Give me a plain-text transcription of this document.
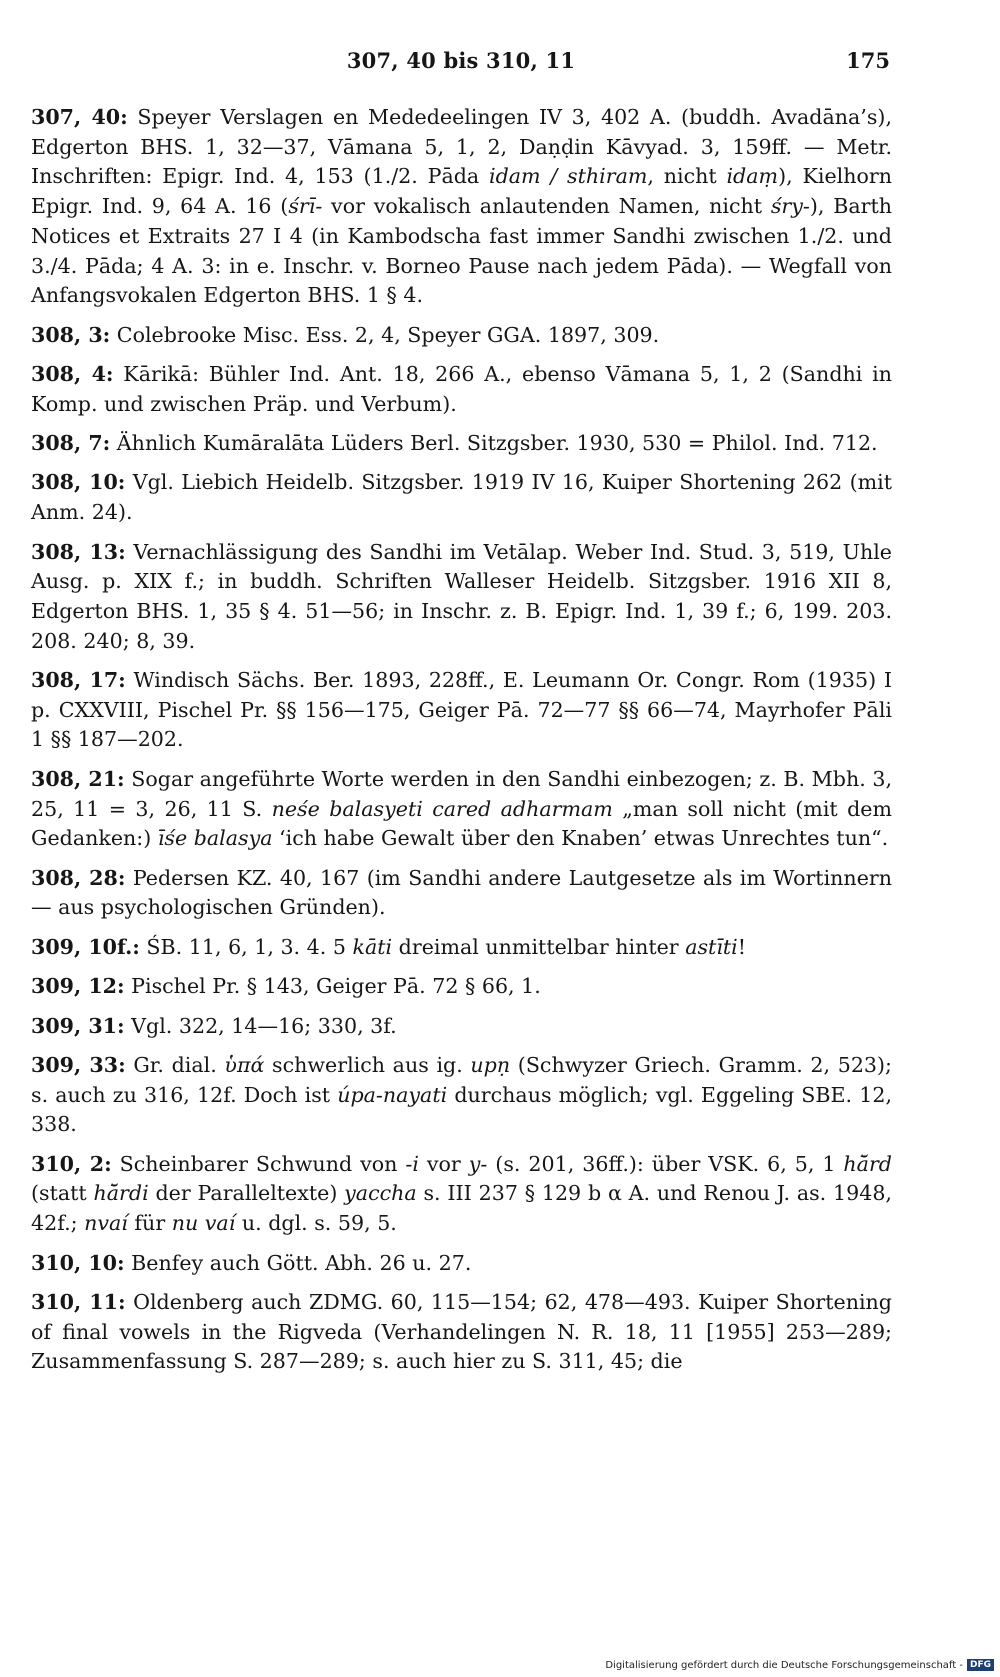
307, 40 bis 310, 11	175

307, 40: Speyer Verslagen en Mededeelingen IV 3, 402 A. (buddh. Avadāna’s), Edgerton BHS. 1, 32—37, Vāmana 5, 1, 2, Daṇḍin Kāvyad. 3, 159ff. — Metr. Inschriften: Epigr. Ind. 4, 153 (1./2. Pāda idam / sthiram, nicht idaṃ), Kielhorn Epigr. Ind. 9, 64 A. 16 (śrī- vor vokalisch anlautenden Namen, nicht śry-), Barth Notices et Extraits 27 I 4 (in Kambodscha fast immer Sandhi zwischen 1./2. und 3./4. Pāda; 4 A. 3: in e. Inschr. v. Borneo Pause nach jedem Pāda). — Wegfall von Anfangsvokalen Edgerton BHS. 1 § 4.

308, 3: Colebrooke Misc. Ess. 2, 4, Speyer GGA. 1897, 309.

308, 4: Kārikā: Bühler Ind. Ant. 18, 266 A., ebenso Vāmana 5, 1, 2 (Sandhi in Komp. und zwischen Präp. und Verbum).

308, 7: Ähnlich Kumāralāta Lüders Berl. Sitzgsber. 1930, 530 = Philol. Ind. 712.

308, 10: Vgl. Liebich Heidelb. Sitzgsber. 1919 IV 16, Kuiper Shortening 262 (mit Anm. 24).

308, 13: Vernachlässigung des Sandhi im Vetālap. Weber Ind. Stud. 3, 519, Uhle Ausg. p. XIX f.; in buddh. Schriften Walleser Heidelb. Sitzgsber. 1916 XII 8, Edgerton BHS. 1, 35 § 4. 51—56; in Inschr. z. B. Epigr. Ind. 1, 39 f.; 6, 199. 203. 208. 240; 8, 39.

308, 17: Windisch Sächs. Ber. 1893, 228ff., E. Leumann Or. Congr. Rom (1935) I p. CXXVIII, Pischel Pr. §§ 156—175, Geiger Pā. 72—77 §§ 66—74, Mayrhofer Pāli 1 §§ 187—202.

308, 21: Sogar angeführte Worte werden in den Sandhi einbezogen; z. B. Mbh. 3, 25, 11 = 3, 26, 11 S. neśe balasyeti cared adharmam „man soll nicht (mit dem Gedanken:) īśe balasya ‘ich habe Gewalt über den Knaben’ etwas Unrechtes tun“.

308, 28: Pedersen KZ. 40, 167 (im Sandhi andere Lautgesetze als im Wortinnern — aus psychologischen Gründen).

309, 10f.: ŚB. 11, 6, 1, 3. 4. 5 kāti dreimal unmittelbar hinter astīti!

309, 12: Pischel Pr. § 143, Geiger Pā. 72 § 66, 1.

309, 31: Vgl. 322, 14—16; 330, 3f.

309, 33: Gr. dial. ὑπά schwerlich aus ig. upṇ (Schwyzer Griech. Gramm. 2, 523); s. auch zu 316, 12f. Doch ist úpa-nayati durchaus möglich; vgl. Eggeling SBE. 12, 338.

310, 2: Scheinbarer Schwund von -i vor y- (s. 201, 36ff.): über VSK. 6, 5, 1 hā̆rd (statt hā̆rdi der Paralleltexte) yaccha s. III 237 § 129 b α A. und Renou J. as. 1948, 42f.; nvaí für nu vaí u. dgl. s. 59, 5.

310, 10: Benfey auch Gött. Abh. 26 u. 27.

310, 11: Oldenberg auch ZDMG. 60, 115—154; 62, 478—493. Kuiper Shortening of final vowels in the Rigveda (Verhandelingen N. R. 18, 11 [1955] 253—289; Zusammenfassung S. 287—289; s. auch hier zu S. 311, 45; die

Digitalisierung gefördert durch die Deutsche Forschungsgemeinschaft - DFG
